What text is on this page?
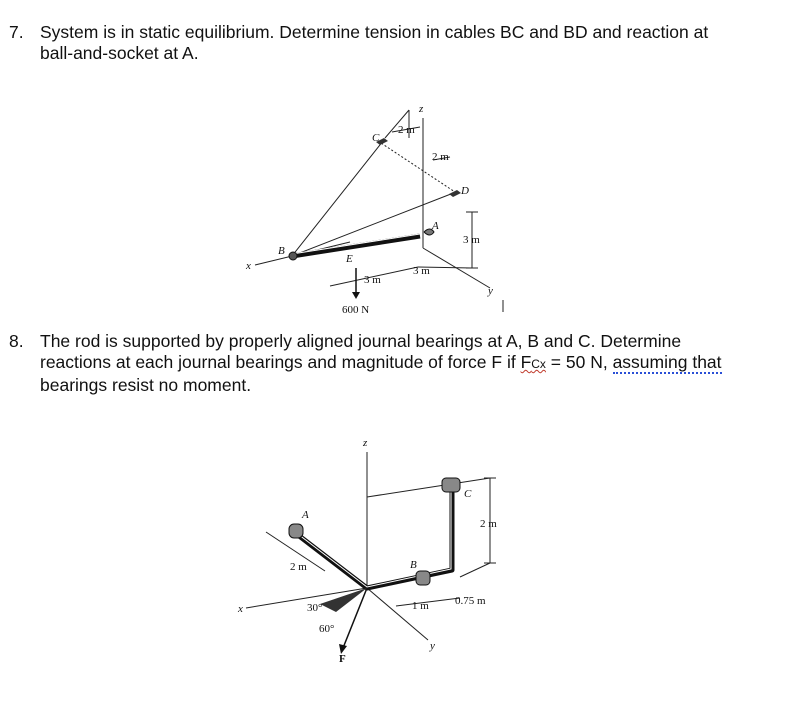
7. System is in static equilibrium. Determine tension in cables BC and BD and reaction at
ball-and-socket at A.
z
x
y
C
D
A
B
E
2 m
2 m
3 m
3 m
3 m
600 N
8. The rod is supported by properly aligned journal bearings at A, B and C. Determine
reactions at each journal bearings and magnitude of force F if FCx = 50 N, assuming that
bearings resist no moment.
z
x
y
A
B
C
2 m
2 m
1 m 0.75 m
30°
60°
F
